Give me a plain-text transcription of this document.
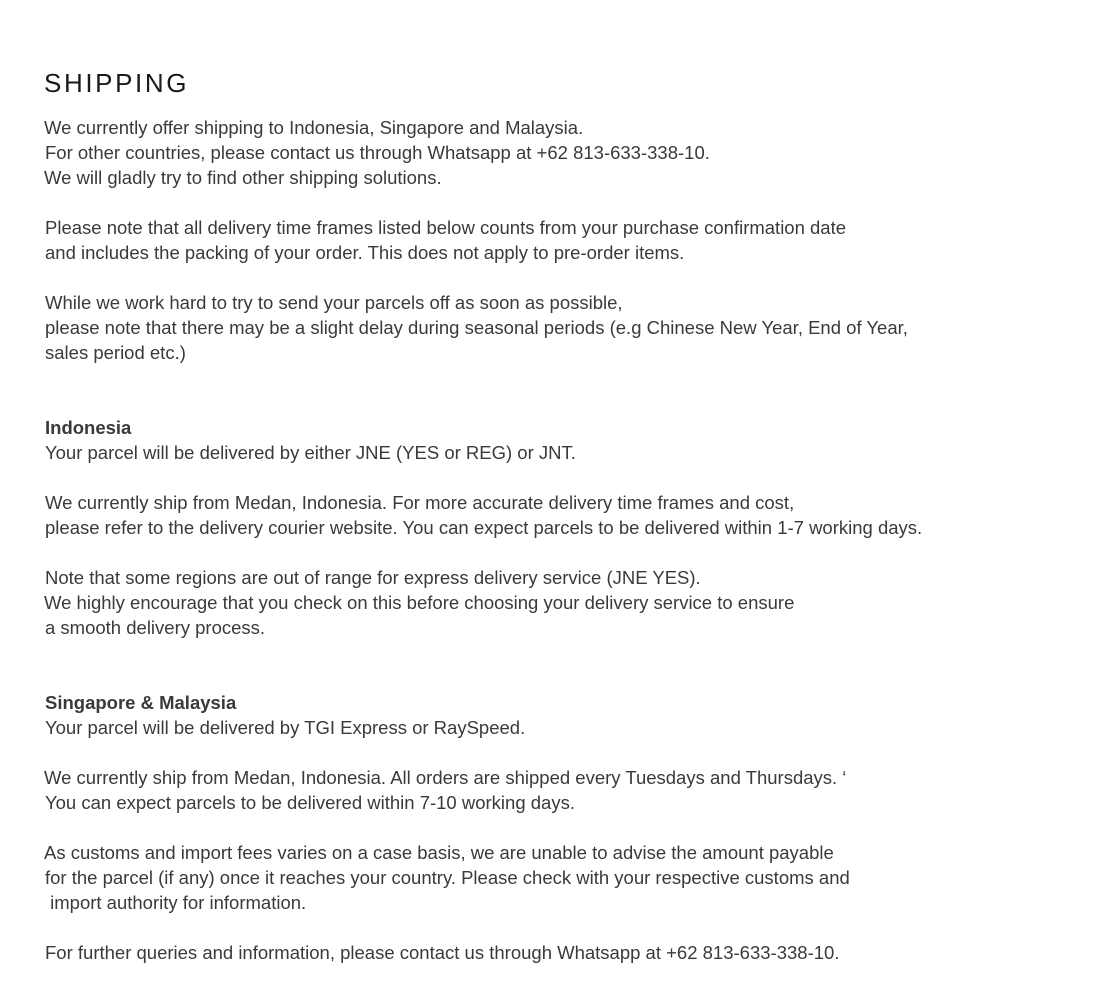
SHIPPING
We currently offer shipping to Indonesia, Singapore and Malaysia.
For other countries, please contact us through Whatsapp at +62 813-633-338-10.
We will gladly try to find other shipping solutions.
Please note that all delivery time frames listed below counts from your purchase confirmation date
and includes the packing of your order. This does not apply to pre-order items.
While we work hard to try to send your parcels off as soon as possible,
please note that there may be a slight delay during seasonal periods (e.g Chinese New Year, End of Year,
sales period etc.)
Indonesia
Your parcel will be delivered by either JNE (YES or REG) or JNT.
We currently ship from Medan, Indonesia. For more accurate delivery time frames and cost,
please refer to the delivery courier website. You can expect parcels to be delivered within 1-7 working days.
Note that some regions are out of range for express delivery service (JNE YES).
We highly encourage that you check on this before choosing your delivery service to ensure
a smooth delivery process.
Singapore & Malaysia
Your parcel will be delivered by TGI Express or RaySpeed.
We currently ship from Medan, Indonesia. All orders are shipped every Tuesdays and Thursdays. ‘
You can expect parcels to be delivered within 7-10 working days.
As customs and import fees varies on a case basis, we are unable to advise the amount payable
for the parcel (if any) once it reaches your country. Please check with your respective customs and
import authority for information.
For further queries and information, please contact us through Whatsapp at +62 813-633-338-10.
